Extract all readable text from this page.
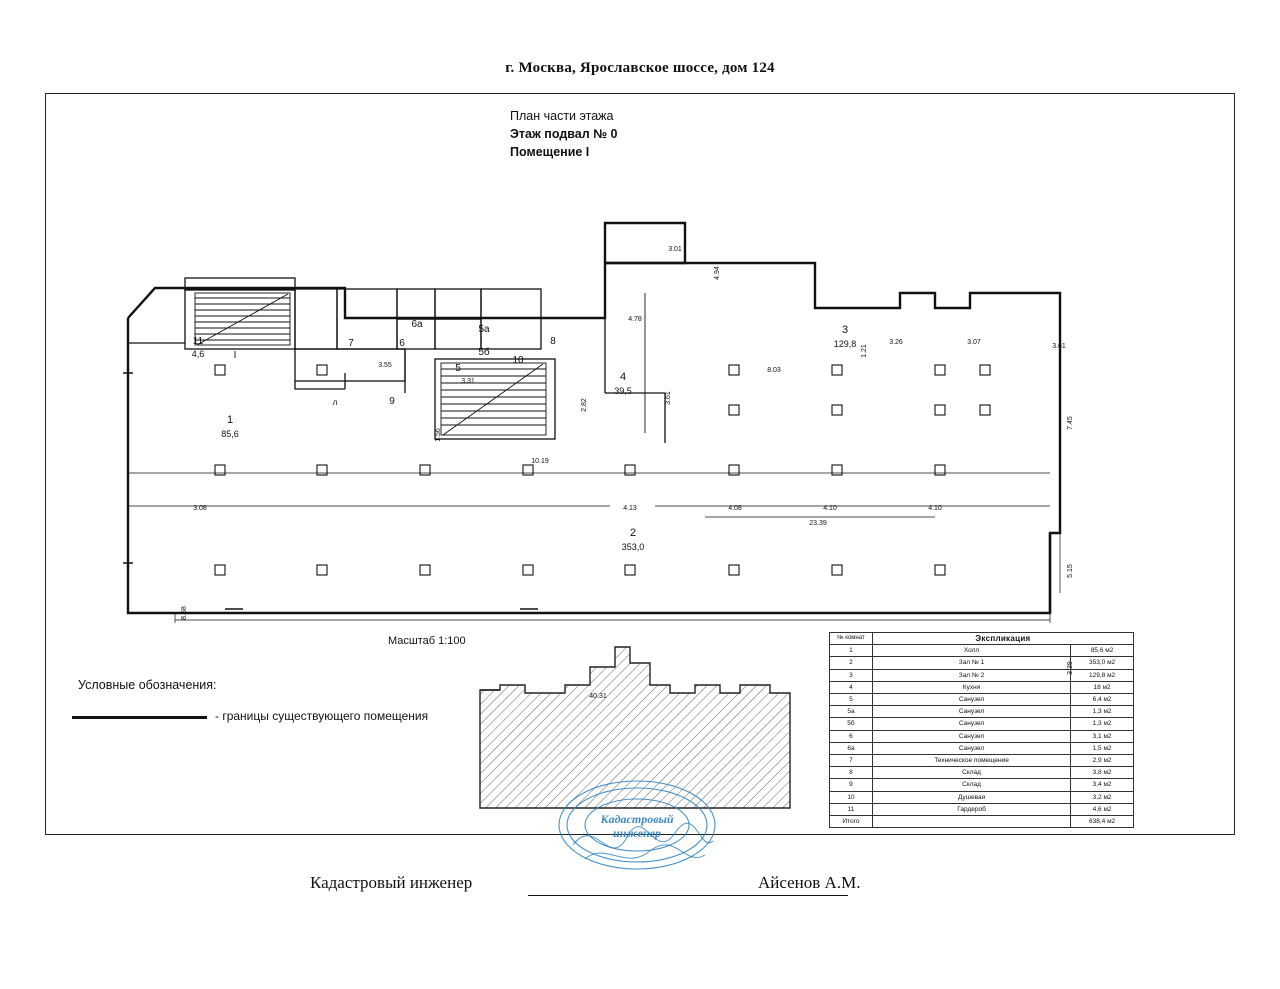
г. Москва, Ярославское шоссе, дом 124
План части этажа
Этаж подвал № 0
Помещение I
1
85,6
2
353,0
3
129,8
4
39,5
5
5а
5б
6
6а
7	8
9
10
11
4,6	I
л
3.01
4.94
4.78
8.03
1.21
3.26	3.07
3.61
7.45
5.15
3.39
3.55
3.31
2.82
3.61
1.56
10.19
3.08	4.13	4.08	4.10	4.10
23.39
8.68
Масштаб 1:100
Условные обозначения:
- границы существующего помещения
№ комнат	Экспликация	
1	Холл	85,6 м2
2	Зал № 1	353,0 м2
3	Зал № 2	129,8 м2
4	Кухня	18 м2
5	Санузел	6,4 м2
5а	Санузел	1,3 м2
5б	Санузел	1,3 м2
6	Санузел	3,1 м2
6а	Санузел	1,5 м2
7	Техническое помещение	2,9 м2
8	Склад	3,8 м2
9	Склад	3,4 м2
10	Душевая	3,2 м2
11	Гардероб	4,6 м2
Итого		638,4 м2
Кадастровый
инженер
Кадастровый инженер	Айсенов А.М.
